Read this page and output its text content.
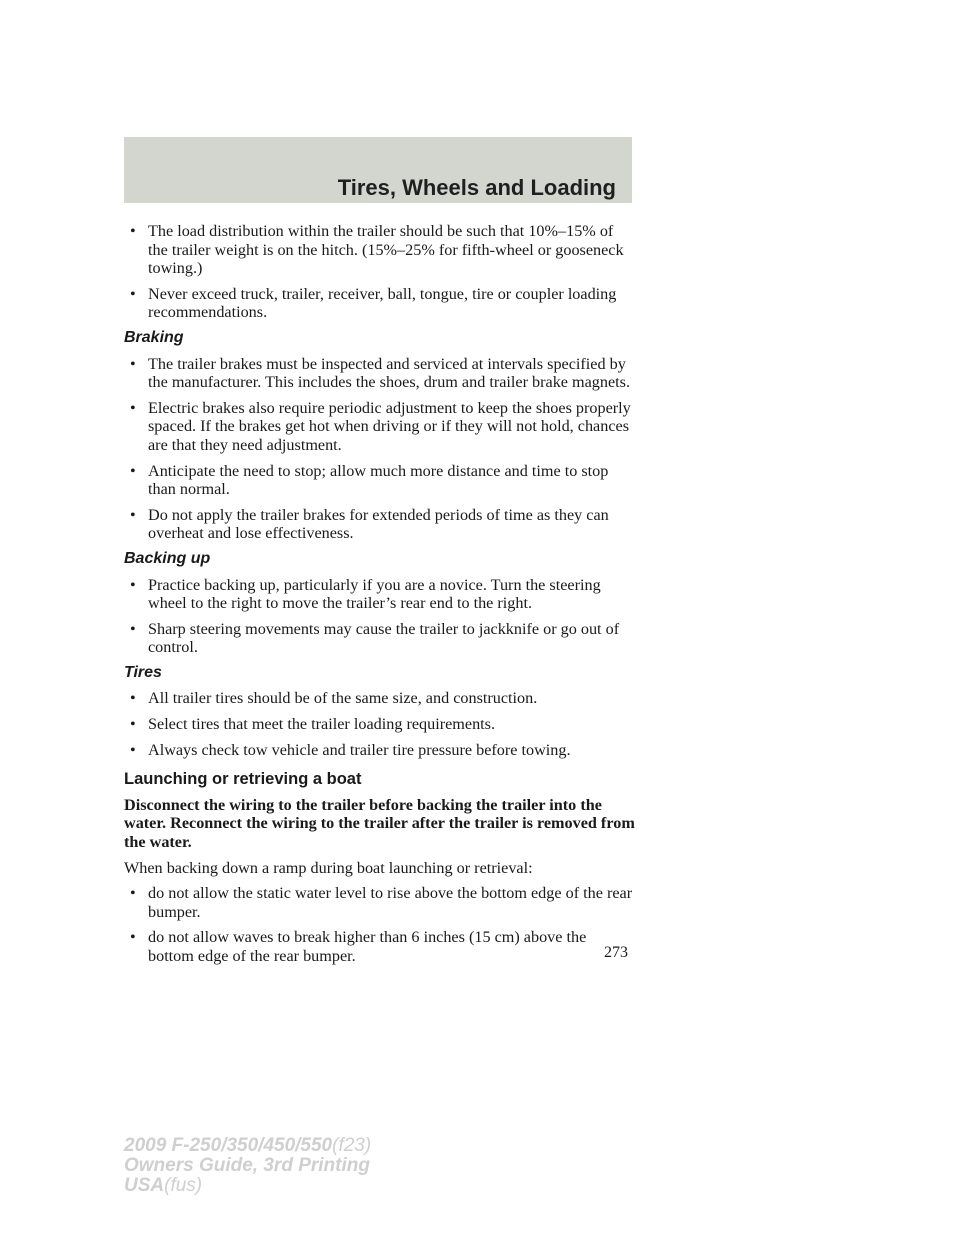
Tires, Wheels and Loading
• The load distribution within the trailer should be such that 10%–15% of the trailer weight is on the hitch. (15%–25% for fifth-wheel or gooseneck towing.)
• Never exceed truck, trailer, receiver, ball, tongue, tire or coupler loading recommendations.
Braking
• The trailer brakes must be inspected and serviced at intervals specified by the manufacturer. This includes the shoes, drum and trailer brake magnets.
• Electric brakes also require periodic adjustment to keep the shoes properly spaced. If the brakes get hot when driving or if they will not hold, chances are that they need adjustment.
• Anticipate the need to stop; allow much more distance and time to stop than normal.
• Do not apply the trailer brakes for extended periods of time as they can overheat and lose effectiveness.
Backing up
• Practice backing up, particularly if you are a novice. Turn the steering wheel to the right to move the trailer’s rear end to the right.
• Sharp steering movements may cause the trailer to jackknife or go out of control.
Tires
• All trailer tires should be of the same size, and construction.
• Select tires that meet the trailer loading requirements.
• Always check tow vehicle and trailer tire pressure before towing.
Launching or retrieving a boat
Disconnect the wiring to the trailer before backing the trailer into the water. Reconnect the wiring to the trailer after the trailer is removed from the water.
When backing down a ramp during boat launching or retrieval:
• do not allow the static water level to rise above the bottom edge of the rear bumper.
• do not allow waves to break higher than 6 inches (15 cm) above the bottom edge of the rear bumper.	273
2009 F-250/350/450/550(f23)
Owners Guide, 3rd Printing
USA(fus)
